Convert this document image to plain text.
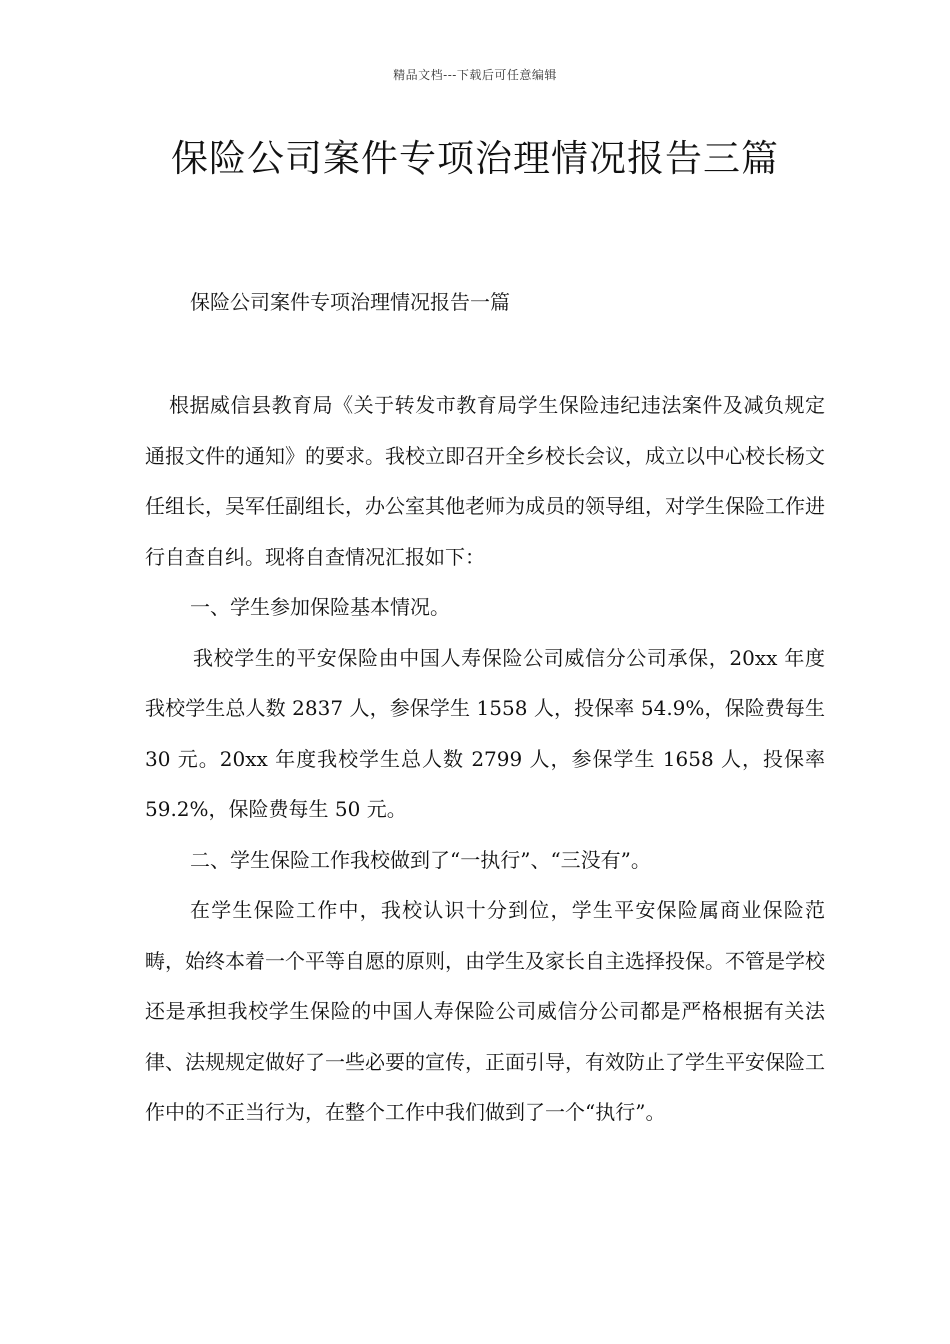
精品文档---下载后可任意编辑
保险公司案件专项治理情况报告三篇
保险公司案件专项治理情况报告一篇

根据威信县教育局《关于转发市教育局学生保险违纪违法案件及减负规定通报文件的通知》的要求。我校立即召开全乡校长会议，成立以中心校长杨文任组长，吴军任副组长，办公室其他老师为成员的领导组，对学生保险工作进行自查自纠。现将自查情况汇报如下：

一、学生参加保险基本情况。

我校学生的平安保险由中国人寿保险公司威信分公司承保，20xx 年度我校学生总人数 2837 人，参保学生 1558 人，投保率 54.9%，保险费每生 30 元。20xx 年度我校学生总人数 2799 人，参保学生 1658 人，投保率 59.2%，保险费每生 50 元。

二、学生保险工作我校做到了“一执行”、“三没有”。

在学生保险工作中，我校认识十分到位，学生平安保险属商业保险范畴，始终本着一个平等自愿的原则，由学生及家长自主选择投保。不管是学校还是承担我校学生保险的中国人寿保险公司威信分公司都是严格根据有关法律、法规规定做好了一些必要的宣传，正面引导，有效防止了学生平安保险工作中的不正当行为，在整个工作中我们做到了一个“执行”。
